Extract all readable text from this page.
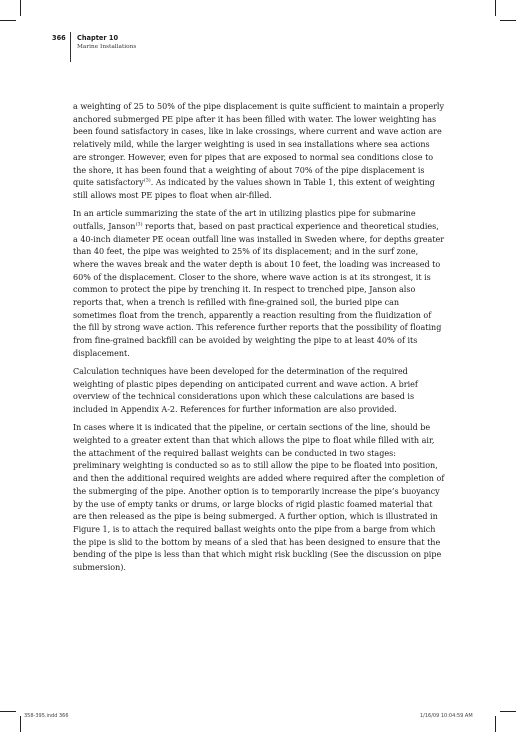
366 Chapter 10
Marine Installations

a weighting of 25 to 50% of the pipe displacement is quite sufficient to maintain a properly anchored submerged PE pipe after it has been filled with water. The lower weighting has been found satisfactory in cases, like in lake crossings, where current and wave action are relatively mild, while the larger weighting is used in sea installations where sea actions are stronger. However, even for pipes that are exposed to normal sea conditions close to the shore, it has been found that a weighting of about 70% of the pipe displacement is quite satisfactory$^{(3)}$. As indicated by the values shown in Table 1, this extent of weighting still allows most PE pipes to float when air-filled.

In an article summarizing the state of the art in utilizing plastics pipe for submarine outfalls, Janson$^{(3)}$ reports that, based on past practical experience and theoretical studies, a 40-inch diameter PE ocean outfall line was installed in Sweden where, for depths greater than 40 feet, the pipe was weighted to 25% of its displacement; and in the surf zone, where the waves break and the water depth is about 10 feet, the loading was increased to 60% of the displacement. Closer to the shore, where wave action is at its strongest, it is common to protect the pipe by trenching it. In respect to trenched pipe, Janson also reports that, when a trench is refilled with fine-grained soil, the buried pipe can sometimes float from the trench, apparently a reaction resulting from the fluidization of the fill by strong wave action. This reference further reports that the possibility of floating from fine-grained backfill can be avoided by weighting the pipe to at least 40% of its displacement.

Calculation techniques have been developed for the determination of the required weighting of plastic pipes depending on anticipated current and wave action. A brief overview of the technical considerations upon which these calculations are based is included in Appendix A-2. References for further information are also provided.

In cases where it is indicated that the pipeline, or certain sections of the line, should be weighted to a greater extent than that which allows the pipe to float while filled with air, the attachment of the required ballast weights can be conducted in two stages: preliminary weighting is conducted so as to still allow the pipe to be floated into position, and then the additional required weights are added where required after the completion of the submerging of the pipe. Another option is to temporarily increase the pipe’s buoyancy by the use of empty tanks or drums, or large blocks of rigid plastic foamed material that are then released as the pipe is being submerged. A further option, which is illustrated in Figure 1, is to attach the required ballast weights onto the pipe from a barge from which the pipe is slid to the bottom by means of a sled that has been designed to ensure that the bending of the pipe is less than that which might risk buckling (See the discussion on pipe submersion).

358-395.indd 366	1/16/09 10:04:59 AM
